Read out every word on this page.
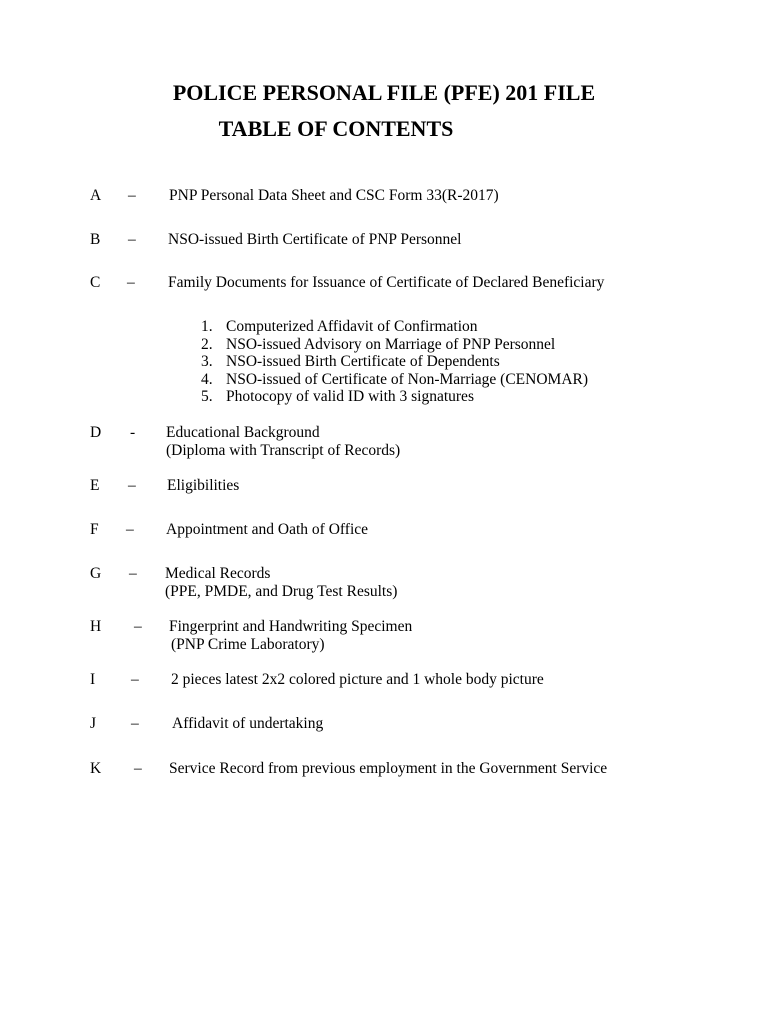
POLICE PERSONAL FILE (PFE) 201 FILE
TABLE OF CONTENTS
A – PNP Personal Data Sheet and CSC Form 33(R-2017)
B – NSO-issued Birth Certificate of PNP Personnel
C – Family Documents for Issuance of Certificate of Declared Beneficiary
1. Computerized Affidavit of Confirmation
2. NSO-issued Advisory on Marriage of PNP Personnel
3. NSO-issued Birth Certificate of Dependents
4. NSO-issued of Certificate of Non-Marriage (CENOMAR)
5. Photocopy of valid ID with 3 signatures
D - Educational Background
(Diploma with Transcript of Records)
E – Eligibilities
F – Appointment and Oath of Office
G – Medical Records
(PPE, PMDE, and Drug Test Results)
H – Fingerprint and Handwriting Specimen
(PNP Crime Laboratory)
I – 2 pieces latest 2x2 colored picture and 1 whole body picture
J – Affidavit of undertaking
K – Service Record from previous employment in the Government Service
